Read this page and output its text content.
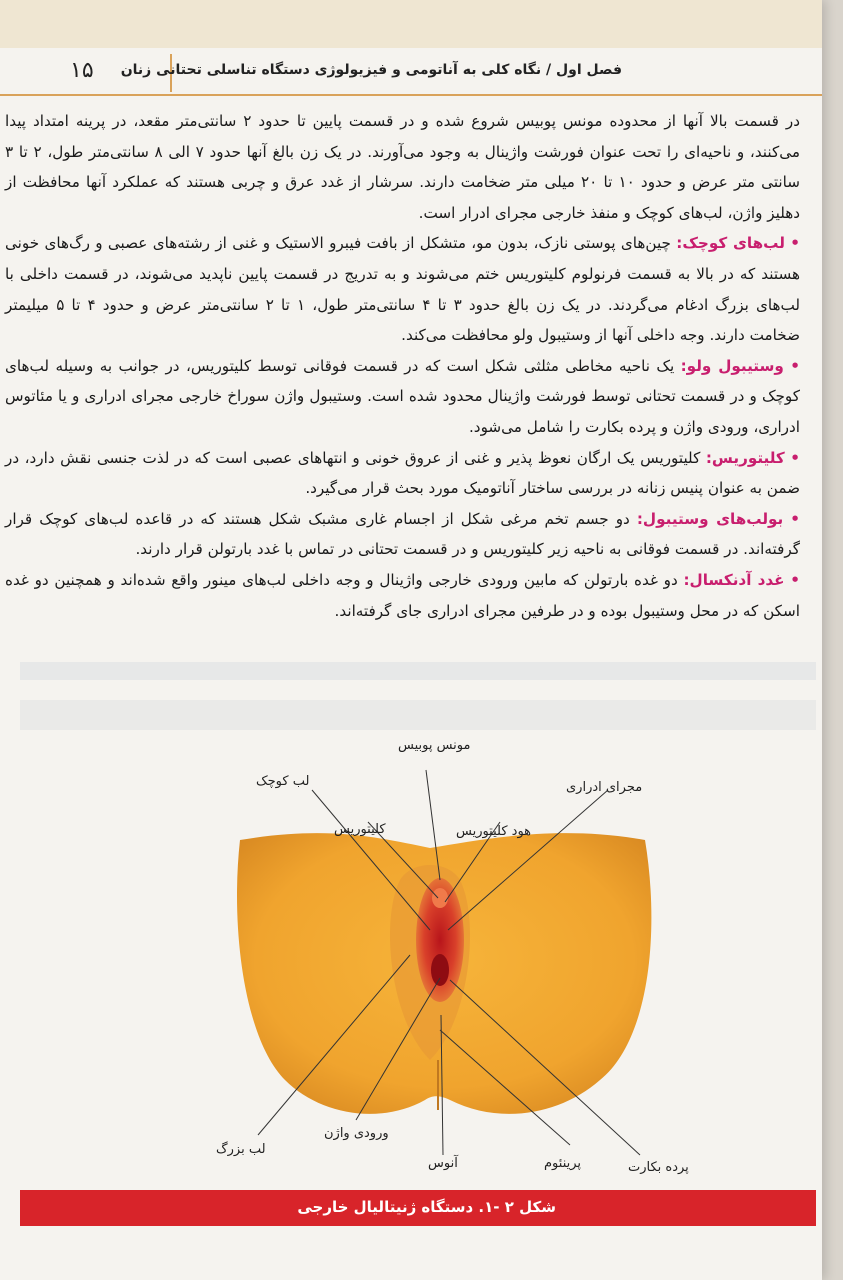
۱۵ فصل اول / نگاه کلی به آناتومی و فیزیولوژی دستگاه تناسلی تحتانی زنان

در قسمت بالا آنها از محدوده مونس پوبیس شروع شده و در قسمت پایین تا حدود ۲ سانتی‌متر مقعد، در پرینه امتداد پیدا می‌کنند، و ناحیه‌ای را تحت عنوان فورشت واژینال به وجود می‌آورند. در یک زن بالغ آنها حدود ۷ الی ۸ سانتی‌متر طول، ۲ تا ۳ سانتی متر عرض و حدود ۱۰ تا ۲۰ میلی متر ضخامت دارند. سرشار از غدد عرق و چربی هستند که عملکرد آنها محافظت از دهلیز واژن، لب‌های کوچک و منفذ خارجی مجرای ادرار است.

• لب‌های کوچک: چین‌های پوستی نازک، بدون مو، متشکل از بافت فیبرو الاستیک و غنی از رشته‌های عصبی و رگ‌های خونی هستند که در بالا به قسمت فرنولوم کلیتوریس ختم می‌شوند و به تدریج در قسمت پایین ناپدید می‌شوند، در قسمت داخلی با لب‌های بزرگ ادغام می‌گردند. در یک زن بالغ حدود ۳ تا ۴ سانتی‌متر طول، ۱ تا ۲ سانتی‌متر عرض و حدود ۴ تا ۵ میلیمتر ضخامت دارند. وجه داخلی آنها از وستیبول ولو محافظت می‌کند.

• وستیبول ولو: یک ناحیه مخاطی مثلثی شکل است که در قسمت فوقانی توسط کلیتوریس، در جوانب به وسیله لب‌های کوچک و در قسمت تحتانی توسط فورشت واژینال محدود شده است. وستیبول واژن سوراخ خارجی مجرای ادراری و یا مئاتوس ادراری، ورودی واژن و پرده بکارت را شامل می‌شود.

• کلیتوریس: کلیتوریس یک ارگان نعوظ پذیر و غنی از عروق خونی و انتهاهای عصبی است که در لذت جنسی نقش دارد، در ضمن به عنوان پنیس زنانه در بررسی ساختار آناتومیک مورد بحث قرار می‌گیرد.

• بولب‌های وستیبول: دو جسم تخم مرغی شکل از اجسام غاری مشبک شکل هستند که در قاعده لب‌های کوچک قرار گرفته‌اند. در قسمت فوقانی به ناحیه زیر کلیتوریس و در قسمت تحتانی در تماس با غدد بارتولن قرار دارند.

• غدد آدنکسال: دو غده بارتولن که مابین ورودی خارجی واژینال و وجه داخلی لب‌های مینور واقع شده‌اند و همچنین دو غده اسکن که در محل وستیبول بوده و در طرفین مجرای ادراری جای گرفته‌اند.

مونس پوبیس
لب کوچک
کلیتوریس	هود کلیتوریس
مجرای ادراری
لب بزرگ
ورودی واژن
آنوس	پرینئوم	پرده بکارت
شکل ۲ -۱. دستگاه ژنیتالیال خارجی
